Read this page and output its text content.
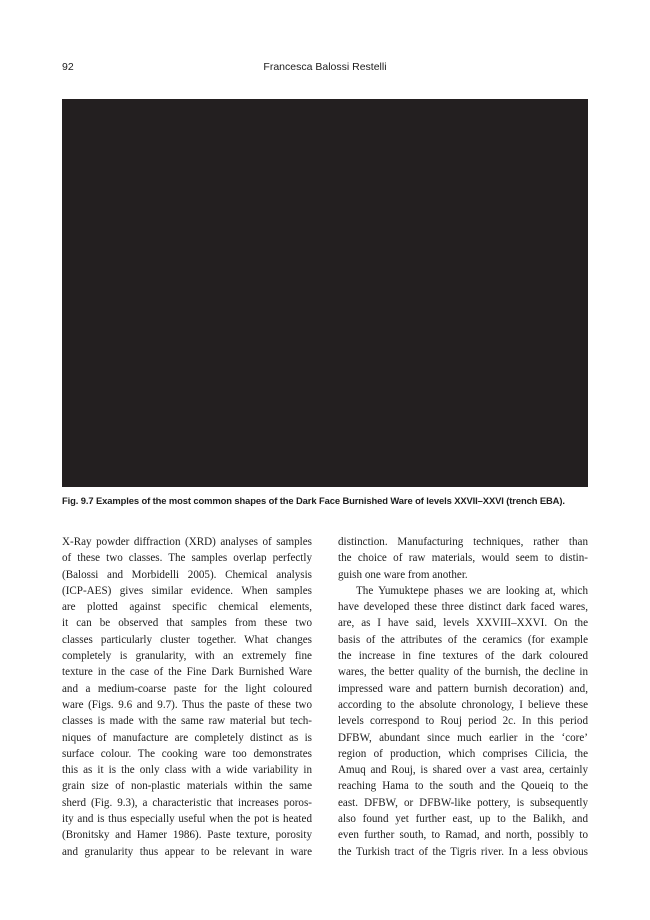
92	Francesca Balossi Restelli
Fig. 9.7 Examples of the most common shapes of the Dark Face Burnished Ware of levels XXVII–XXVI (trench EBA).
X-Ray powder diffraction (XRD) analyses of samples
of these two classes. The samples overlap perfectly
(Balossi and Morbidelli 2005). Chemical analysis
(ICP-AES) gives similar evidence. When samples
are plotted against specific chemical elements,
it can be observed that samples from these two
classes particularly cluster together. What changes
completely is granularity, with an extremely fine
texture in the case of the Fine Dark Burnished Ware
and a medium-coarse paste for the light coloured
ware (Figs. 9.6 and 9.7). Thus the paste of these two
classes is made with the same raw material but tech-
niques of manufacture are completely distinct as is
surface colour. The cooking ware too demonstrates
this as it is the only class with a wide variability in
grain size of non-plastic materials within the same
sherd (Fig. 9.3), a characteristic that increases poros-
ity and is thus especially useful when the pot is heated
(Bronitsky and Hamer 1986). Paste texture, porosity
and granularity thus appear to be relevant in ware
distinction. Manufacturing techniques, rather than
the choice of raw materials, would seem to distin-
guish one ware from another.
The Yumuktepe phases we are looking at, which
have developed these three distinct dark faced wares,
are, as I have said, levels XXVIII–XXVI. On the
basis of the attributes of the ceramics (for example
the increase in fine textures of the dark coloured
wares, the better quality of the burnish, the decline in
impressed ware and pattern burnish decoration) and,
according to the absolute chronology, I believe these
levels correspond to Rouj period 2c. In this period
DFBW, abundant since much earlier in the ‘core’
region of production, which comprises Cilicia, the
Amuq and Rouj, is shared over a vast area, certainly
reaching Hama to the south and the Qoueiq to the
east. DFBW, or DFBW-like pottery, is subsequently
also found yet further east, up to the Balikh, and
even further south, to Ramad, and north, possibly to
the Turkish tract of the Tigris river. In a less obvious
